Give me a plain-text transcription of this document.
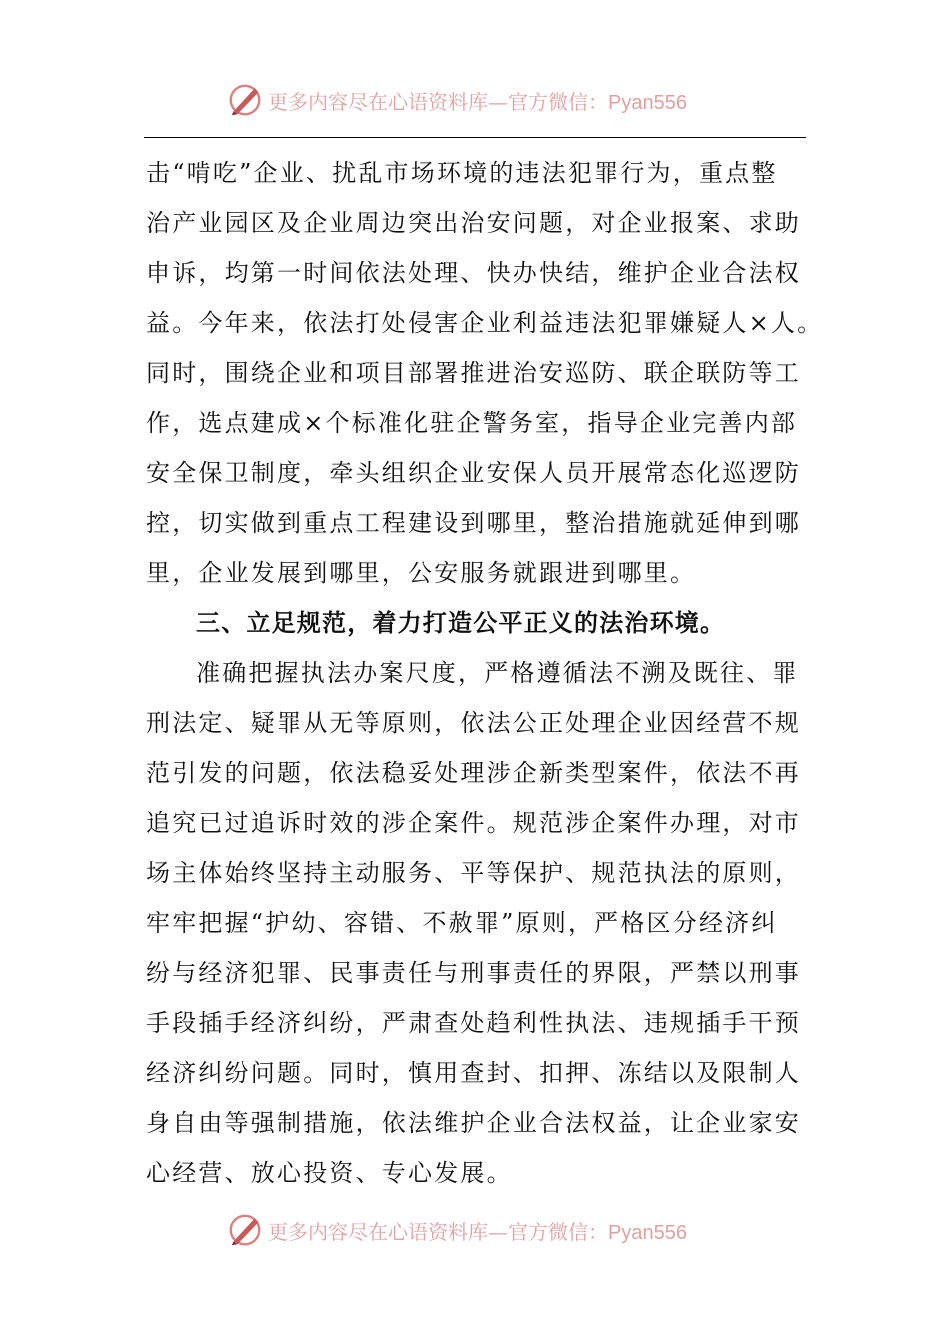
更多内容尽在心语资料库—官方微信：Pyan556
击“啃吃”企业、扰乱市场环境的违法犯罪行为，重点整
治产业园区及企业周边突出治安问题，对企业报案、求助
申诉，均第一时间依法处理、快办快结，维护企业合法权
益。今年来，依法打处侵害企业利益违法犯罪嫌疑人×人。
同时，围绕企业和项目部署推进治安巡防、联企联防等工
作，选点建成×个标准化驻企警务室，指导企业完善内部
安全保卫制度，牵头组织企业安保人员开展常态化巡逻防
控，切实做到重点工程建设到哪里，整治措施就延伸到哪
里，企业发展到哪里，公安服务就跟进到哪里。
三、立足规范，着力打造公平正义的法治环境。
准确把握执法办案尺度，严格遵循法不溯及既往、罪
刑法定、疑罪从无等原则，依法公正处理企业因经营不规
范引发的问题，依法稳妥处理涉企新类型案件，依法不再
追究已过追诉时效的涉企案件。规范涉企案件办理，对市
场主体始终坚持主动服务、平等保护、规范执法的原则，
牢牢把握“护幼、容错、不赦罪”原则，严格区分经济纠
纷与经济犯罪、民事责任与刑事责任的界限，严禁以刑事
手段插手经济纠纷，严肃查处趋利性执法、违规插手干预
经济纠纷问题。同时，慎用查封、扣押、冻结以及限制人
身自由等强制措施，依法维护企业合法权益，让企业家安
心经营、放心投资、专心发展。
更多内容尽在心语资料库—官方微信：Pyan556
